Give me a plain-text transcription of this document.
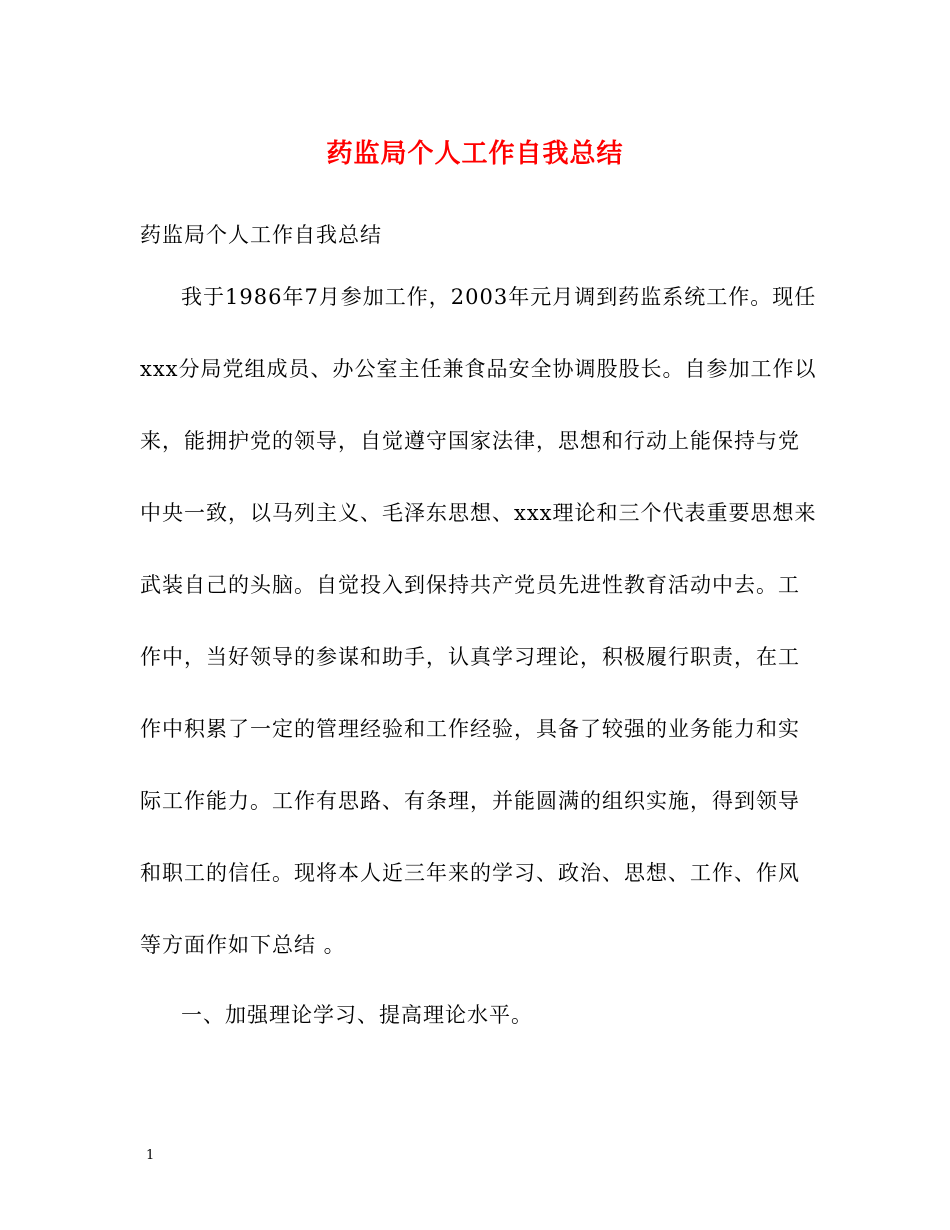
药监局个人工作自我总结
药监局个人工作自我总结
我于1986年7月参加工作，2003年元月调到药监系统工作。现任
xxx分局党组成员、办公室主任兼食品安全协调股股长。自参加工作以
来，能拥护党的领导，自觉遵守国家法律，思想和行动上能保持与党
中央一致，以马列主义、毛泽东思想、xxx理论和三个代表重要思想来
武装自己的头脑。自觉投入到保持共产党员先进性教育活动中去。工
作中，当好领导的参谋和助手，认真学习理论，积极履行职责，在工
作中积累了一定的管理经验和工作经验，具备了较强的业务能力和实
际工作能力。工作有思路、有条理，并能圆满的组织实施，得到领导
和职工的信任。现将本人近三年来的学习、政治、思想、工作、作风
等方面作如下总结 。
一、加强理论学习、提高理论水平。
1
